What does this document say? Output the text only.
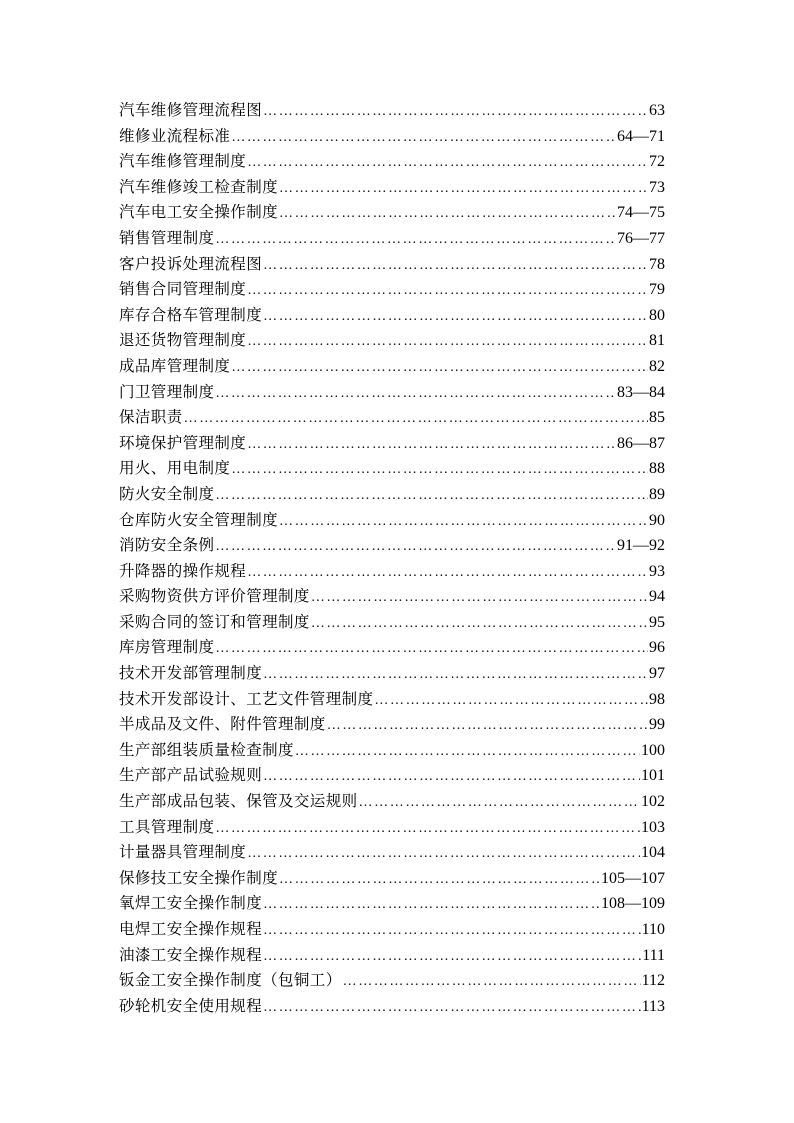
汽车维修管理流程图 …………………………………………………………………………………………………………………………………………	63
维修业流程标准 …………………………………………………………………………………………………………………………………………	64—71
汽车维修管理制度 …………………………………………………………………………………………………………………………………………	72
汽车维修竣工检查制度 …………………………………………………………………………………………………………………………………………	73
汽车电工安全操作制度 …………………………………………………………………………………………………………………………………………	74—75
销售管理制度 …………………………………………………………………………………………………………………………………………	76—77
客户投诉处理流程图 …………………………………………………………………………………………………………………………………………	78
销售合同管理制度 …………………………………………………………………………………………………………………………………………	79
库存合格车管理制度 …………………………………………………………………………………………………………………………………………	80
退还货物管理制度 …………………………………………………………………………………………………………………………………………	81
成品库管理制度 …………………………………………………………………………………………………………………………………………	82
门卫管理制度 …………………………………………………………………………………………………………………………………………	83—84
保洁职责 …………………………………………………………………………………………………………………………………………	85
环境保护管理制度 …………………………………………………………………………………………………………………………………………	86—87
用火、用电制度 …………………………………………………………………………………………………………………………………………	88
防火安全制度 …………………………………………………………………………………………………………………………………………	89
仓库防火安全管理制度 …………………………………………………………………………………………………………………………………………	90
消防安全条例 …………………………………………………………………………………………………………………………………………	91—92
升降器的操作规程 …………………………………………………………………………………………………………………………………………	93
采购物资供方评价管理制度 …………………………………………………………………………………………………………………………………………	94
采购合同的签订和管理制度 …………………………………………………………………………………………………………………………………………	95
库房管理制度 …………………………………………………………………………………………………………………………………………	96
技术开发部管理制度 …………………………………………………………………………………………………………………………………………	97
技术开发部设计、工艺文件管理制度 …………………………………………………………………………………………………………………………………………	98
半成品及文件、附件管理制度 …………………………………………………………………………………………………………………………………………	99
生产部组装质量检查制度 …………………………………………………………………………………………………………………………………………	100
生产部产品试验规则 …………………………………………………………………………………………………………………………………………	101
生产部成品包装、保管及交运规则 …………………………………………………………………………………………………………………………………………	102
工具管理制度 …………………………………………………………………………………………………………………………………………	103
计量器具管理制度 …………………………………………………………………………………………………………………………………………	104
保修技工安全操作制度 …………………………………………………………………………………………………………………………………………	105—107
氧焊工安全操作制度 …………………………………………………………………………………………………………………………………………	108—109
电焊工安全操作规程 …………………………………………………………………………………………………………………………………………	110
油漆工安全操作规程 …………………………………………………………………………………………………………………………………………	111
钣金工安全操作制度（包铜工） …………………………………………………………………………………………………………………………………………	112
砂轮机安全使用规程 …………………………………………………………………………………………………………………………………………	113
